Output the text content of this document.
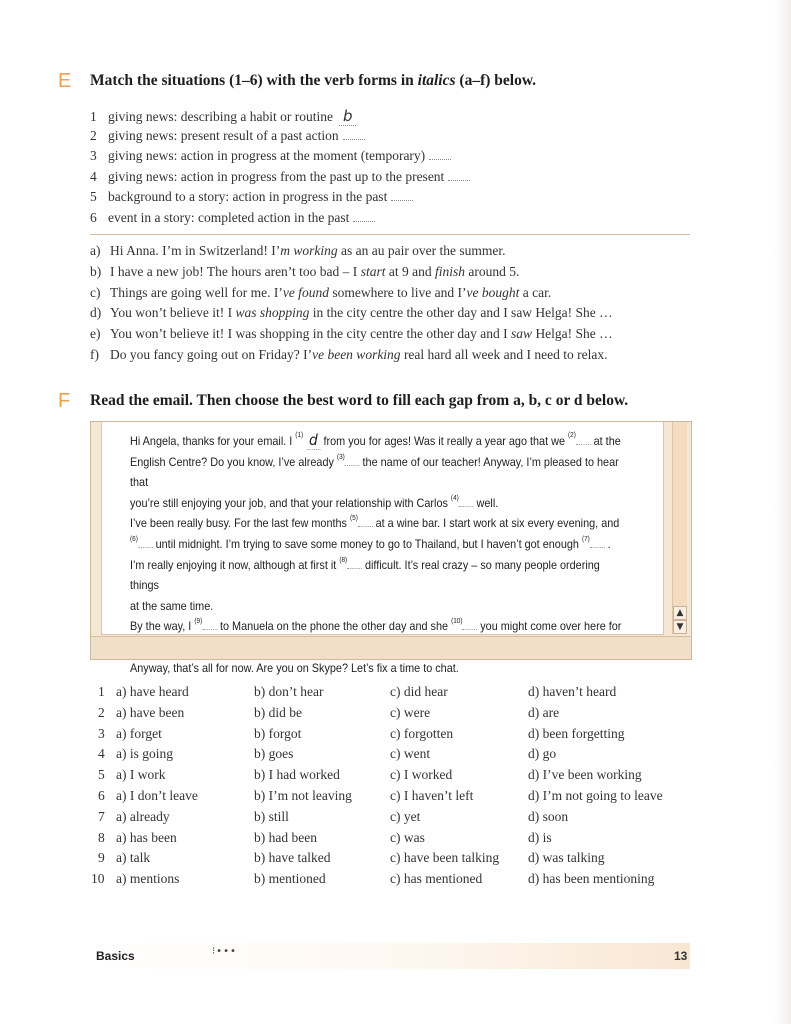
E Match the situations (1–6) with the verb forms in italics (a–f) below.
1 giving news: describing a habit or routine b
2 giving news: present result of a past action
3 giving news: action in progress at the moment (temporary)
4 giving news: action in progress from the past up to the present
5 background to a story: action in progress in the past
6 event in a story: completed action in the past
a) Hi Anna. I’m in Switzerland! I’m working as an au pair over the summer.
b) I have a new job! The hours aren’t too bad – I start at 9 and finish around 5.
c) Things are going well for me. I’ve found somewhere to live and I’ve bought a car.
d) You won’t believe it! I was shopping in the city centre the other day and I saw Helga! She …
e) You won’t believe it! I was shopping in the city centre the other day and I saw Helga! She …
f) Do you fancy going out on Friday? I’ve been working real hard all week and I need to relax.
F Read the email. Then choose the best word to fill each gap from a, b, c or d below.
Hi Angela, thanks for your email. I $^{(1)}$ d from you for ages! Was it really a year ago that we $^{(2)}$ at the
English Centre? Do you know, I’ve already $^{(3)}$ the name of our teacher! Anyway, I’m pleased to hear that
you’re still enjoying your job, and that your relationship with Carlos $^{(4)}$ well.
I’ve been really busy. For the last few months $^{(5)}$ at a wine bar. I start work at six every evening, and
$^{(6)}$ until midnight. I’m trying to save some money to go to Thailand, but I haven’t got enough $^{(7)}$ .
I’m really enjoying it now, although at first it $^{(8)}$ difficult. It’s real crazy – so many people ordering things
at the same time.
By the way, I $^{(9)}$ to Manuela on the phone the other day and she $^{(10)}$ you might come over here for
Anyway, that’s all for now. Are you on Skype? Let’s fix a time to chat.
▲
▼
1 a) have heard	b) don’t hear	c) did hear	d) haven’t heard
2 a) have been	b) did be	c) were	d) are
3 a) forget	b) forgot	c) forgotten	d) been forgetting
4 a) is going	b) goes	c) went	d) go
5 a) I work	b) I had worked	c) I worked	d) I’ve been working
6 a) I don’t leave	b) I’m not leaving	c) I haven’t left	d) I’m not going to leave
7 a) already	b) still	c) yet	d) soon
8 a) has been	b) had been	c) was	d) is
9 a) talk	b) have talked	c) have been talking d) was talking
10 a) mentions	b) mentioned	c) has mentioned	d) has been mentioning
Basics	⁝•••	13
